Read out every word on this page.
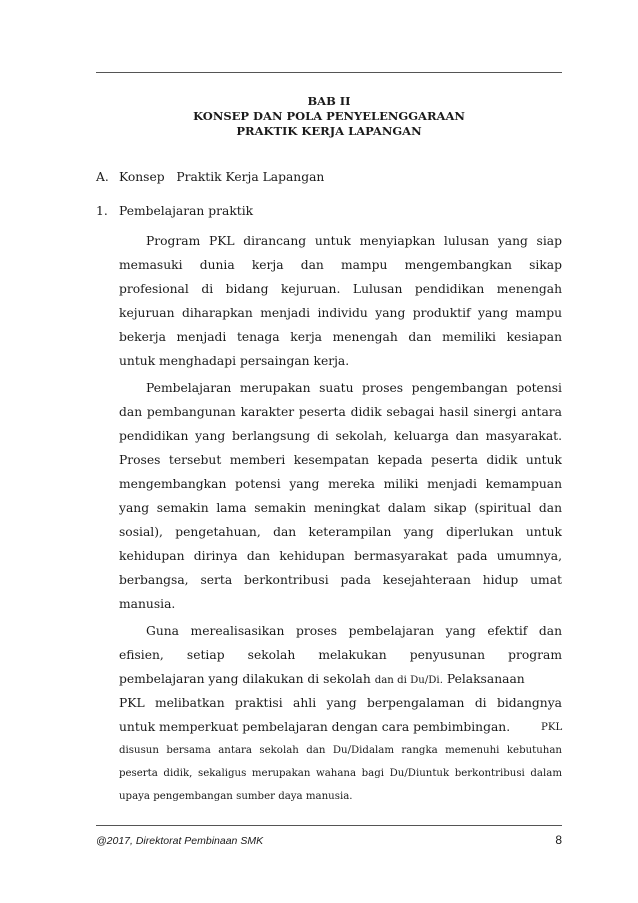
BAB II
KONSEP DAN POLA PENYELENGGARAAN
PRAKTIK KERJA LAPANGAN
A. Konsep   Praktik Kerja Lapangan
1. Pembelajaran praktik
Program PKL dirancang untuk menyiapkan lulusan yang siap
memasuki dunia kerja dan mampu mengembangkan sikap
profesional di bidang kejuruan. Lulusan pendidikan menengah
kejuruan diharapkan menjadi individu yang produktif yang mampu
bekerja menjadi tenaga kerja menengah dan memiliki kesiapan
untuk menghadapi persaingan kerja.
Pembelajaran merupakan suatu proses pengembangan potensi
dan pembangunan karakter peserta didik sebagai hasil sinergi antara
pendidikan yang berlangsung di sekolah, keluarga dan masyarakat.
Proses tersebut memberi kesempatan kepada peserta didik untuk
mengembangkan potensi yang mereka miliki menjadi kemampuan
yang semakin lama semakin meningkat dalam sikap (spiritual dan
sosial), pengetahuan, dan keterampilan yang diperlukan untuk
kehidupan dirinya dan kehidupan bermasyarakat pada umumnya,
berbangsa, serta berkontribusi pada kesejahteraan hidup umat
manusia.
Guna merealisasikan proses pembelajaran yang efektif dan
efisien, setiap sekolah melakukan penyusunan program
pembelajaran yang dilakukan di sekolah dan di Du/Di. Pelaksanaan
PKL melibatkan praktisi ahli yang berpengalaman di bidangnya
untuk memperkuat pembelajaran dengan cara pembimbingan.	PKL
disusun bersama antara sekolah dan Du/Didalam rangka memenuhi kebutuhan
peserta didik, sekaligus merupakan wahana bagi Du/Diuntuk berkontribusi dalam
upaya pengembangan sumber daya manusia.
@2017, Direktorat Pembinaan SMK	8
